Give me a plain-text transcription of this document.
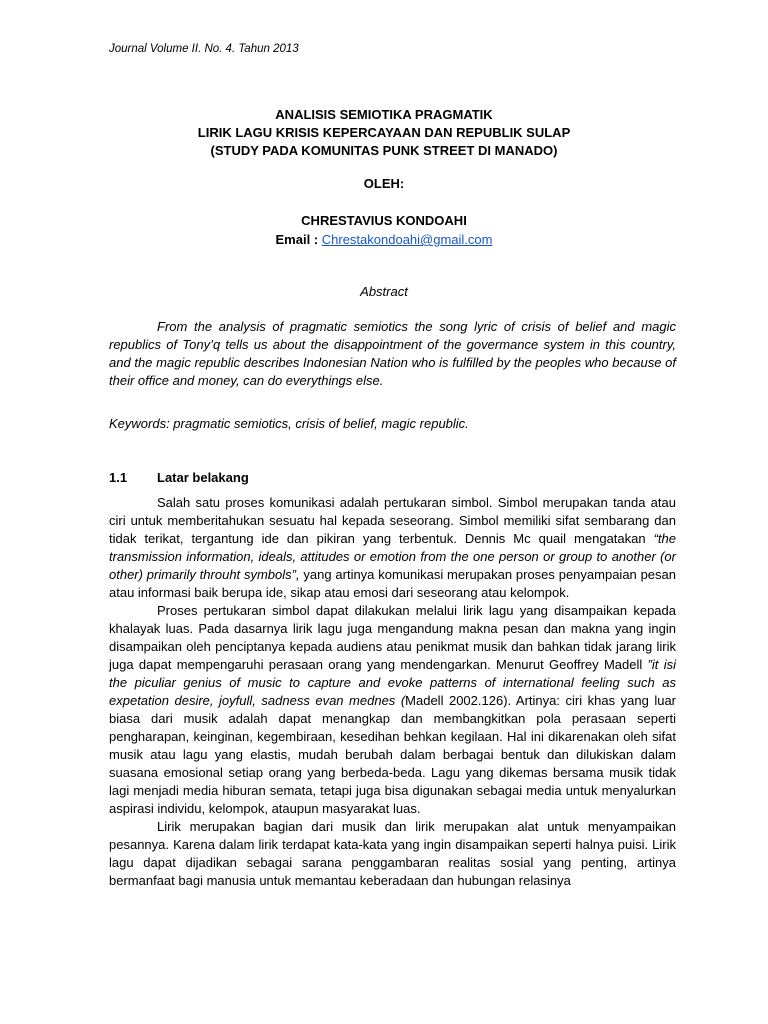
Journal Volume II. No. 4. Tahun 2013
ANALISIS SEMIOTIKA PRAGMATIK
LIRIK LAGU KRISIS KEPERCAYAAN DAN REPUBLIK SULAP
(STUDY PADA KOMUNITAS PUNK STREET DI MANADO)
OLEH:
CHRESTAVIUS KONDOAHI
Email : Chrestakondoahi@gmail.com
Abstract

From the analysis of pragmatic semiotics the song lyric of crisis of belief and magic republics of Tony’q tells us about the disappointment of the govermance system in this country, and the magic republic describes Indonesian Nation who is fulfilled by the peoples who because of their office and money, can do everythings else.

Keywords: pragmatic semiotics, crisis of belief, magic republic.

1.1 Latar belakang

Salah satu proses komunikasi adalah pertukaran simbol. Simbol merupakan tanda atau ciri untuk memberitahukan sesuatu hal kepada seseorang. Simbol memiliki sifat sembarang dan tidak terikat, tergantung ide dan pikiran yang terbentuk. Dennis Mc quail mengatakan “the transmission information, ideals, attitudes or emotion from the one person or group to another (or other) primarily throuht symbols”, yang artinya komunikasi merupakan proses penyampaian pesan atau informasi baik berupa ide, sikap atau emosi dari seseorang atau kelompok.

Proses pertukaran simbol dapat dilakukan melalui lirik lagu yang disampaikan kepada khalayak luas. Pada dasarnya lirik lagu juga mengandung makna pesan dan makna yang ingin disampaikan oleh penciptanya kepada audiens atau penikmat musik dan bahkan tidak jarang lirik juga dapat mempengaruhi perasaan orang yang mendengarkan. Menurut Geoffrey Madell ”it isi the piculiar genius of music to capture and evoke patterns of international feeling such as expetation desire, joyfull, sadness evan mednes (Madell 2002.126). Artinya: ciri khas yang luar biasa dari musik adalah dapat menangkap dan membangkitkan pola perasaan seperti pengharapan, keinginan, kegembiraan, kesedihan behkan kegilaan. Hal ini dikarenakan oleh sifat musik atau lagu yang elastis, mudah berubah dalam berbagai bentuk dan dilukiskan dalam suasana emosional setiap orang yang berbeda-beda. Lagu yang dikemas bersama musik tidak lagi menjadi media hiburan semata, tetapi juga bisa digunakan sebagai media untuk menyalurkan aspirasi individu, kelompok, ataupun masyarakat luas.

Lirik merupakan bagian dari musik dan lirik merupakan alat untuk menyampaikan pesannya. Karena dalam lirik terdapat kata-kata yang ingin disampaikan seperti halnya puisi. Lirik lagu dapat dijadikan sebagai sarana penggambaran realitas sosial yang penting, artinya bermanfaat bagi manusia untuk memantau keberadaan dan hubungan relasinya
